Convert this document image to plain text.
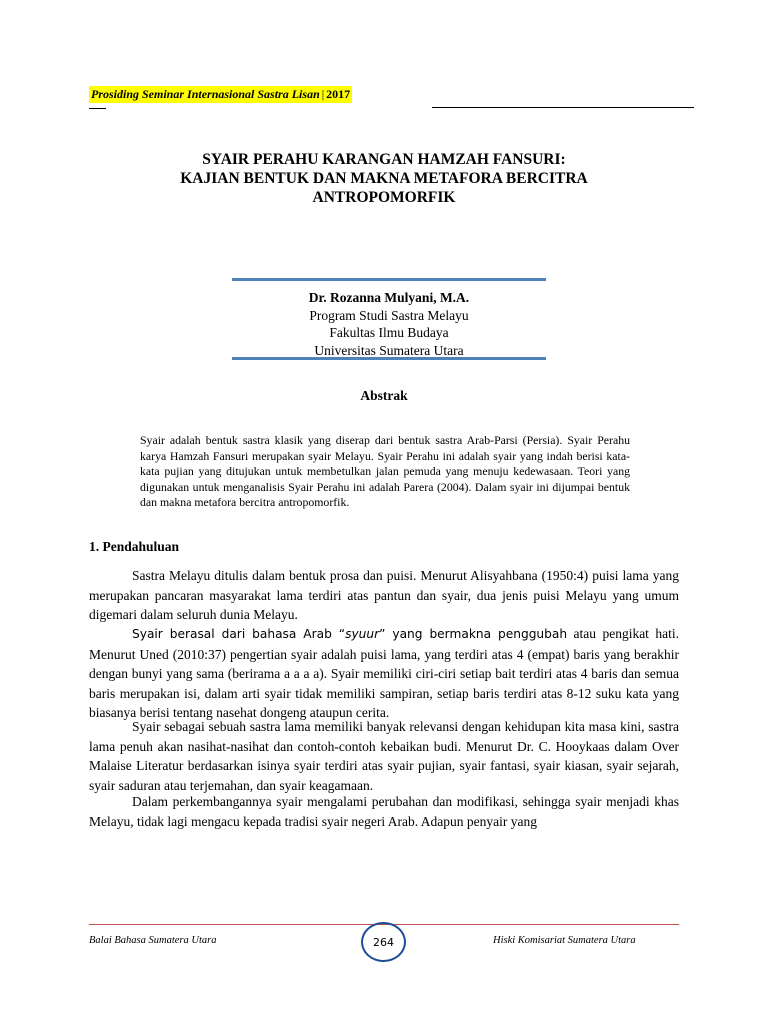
Prosiding Seminar Internasional Sastra Lisan | 2017
SYAIR PERAHU KARANGAN HAMZAH FANSURI:
KAJIAN BENTUK DAN MAKNA METAFORA BERCITRA
ANTROPOMORFIK
Dr. Rozanna Mulyani, M.A.
Program Studi Sastra Melayu
Fakultas Ilmu Budaya
Universitas Sumatera Utara
Abstrak
Syair adalah bentuk sastra klasik yang diserap dari bentuk sastra Arab-Parsi (Persia). Syair Perahu karya Hamzah Fansuri merupakan syair Melayu. Syair Perahu ini adalah syair yang indah berisi kata-kata pujian yang ditujukan untuk membetulkan jalan pemuda yang menuju kedewasaan. Teori yang digunakan untuk menganalisis Syair Perahu ini adalah Parera (2004). Dalam syair ini dijumpai bentuk dan makna metafora bercitra antropomorfik.
1. Pendahuluan

Sastra Melayu ditulis dalam bentuk prosa dan puisi. Menurut Alisyahbana (1950:4) puisi lama yang merupakan pancaran masyarakat lama terdiri atas pantun dan syair, dua jenis puisi Melayu yang umum digemari dalam seluruh dunia Melayu.

Syair berasal dari bahasa Arab “syuur” yang bermakna penggubah atau pengikat hati. Menurut Uned (2010:37) pengertian syair adalah puisi lama, yang terdiri atas 4 (empat) baris yang berakhir dengan bunyi yang sama (berirama a a a a). Syair memiliki ciri-ciri setiap bait terdiri atas 4 baris dan semua baris merupakan isi, dalam arti syair tidak memiliki sampiran, setiap baris terdiri atas 8-12 suku kata yang biasanya berisi tentang nasehat dongeng ataupun cerita.

Syair sebagai sebuah sastra lama memiliki banyak relevansi dengan kehidupan kita masa kini, sastra lama penuh akan nasihat-nasihat dan contoh-contoh kebaikan budi. Menurut Dr. C. Hooykaas dalam Over Malaise Literatur berdasarkan isinya syair terdiri atas syair pujian, syair fantasi, syair kiasan, syair sejarah, syair saduran atau terjemahan, dan syair keagamaan.

Dalam perkembangannya syair mengalami perubahan dan modifikasi, sehingga syair menjadi khas Melayu, tidak lagi mengacu kepada tradisi syair negeri Arab. Adapun penyair yang

Balai Bahasa Sumatera Utara	264	Hiski Komisariat Sumatera Utara
